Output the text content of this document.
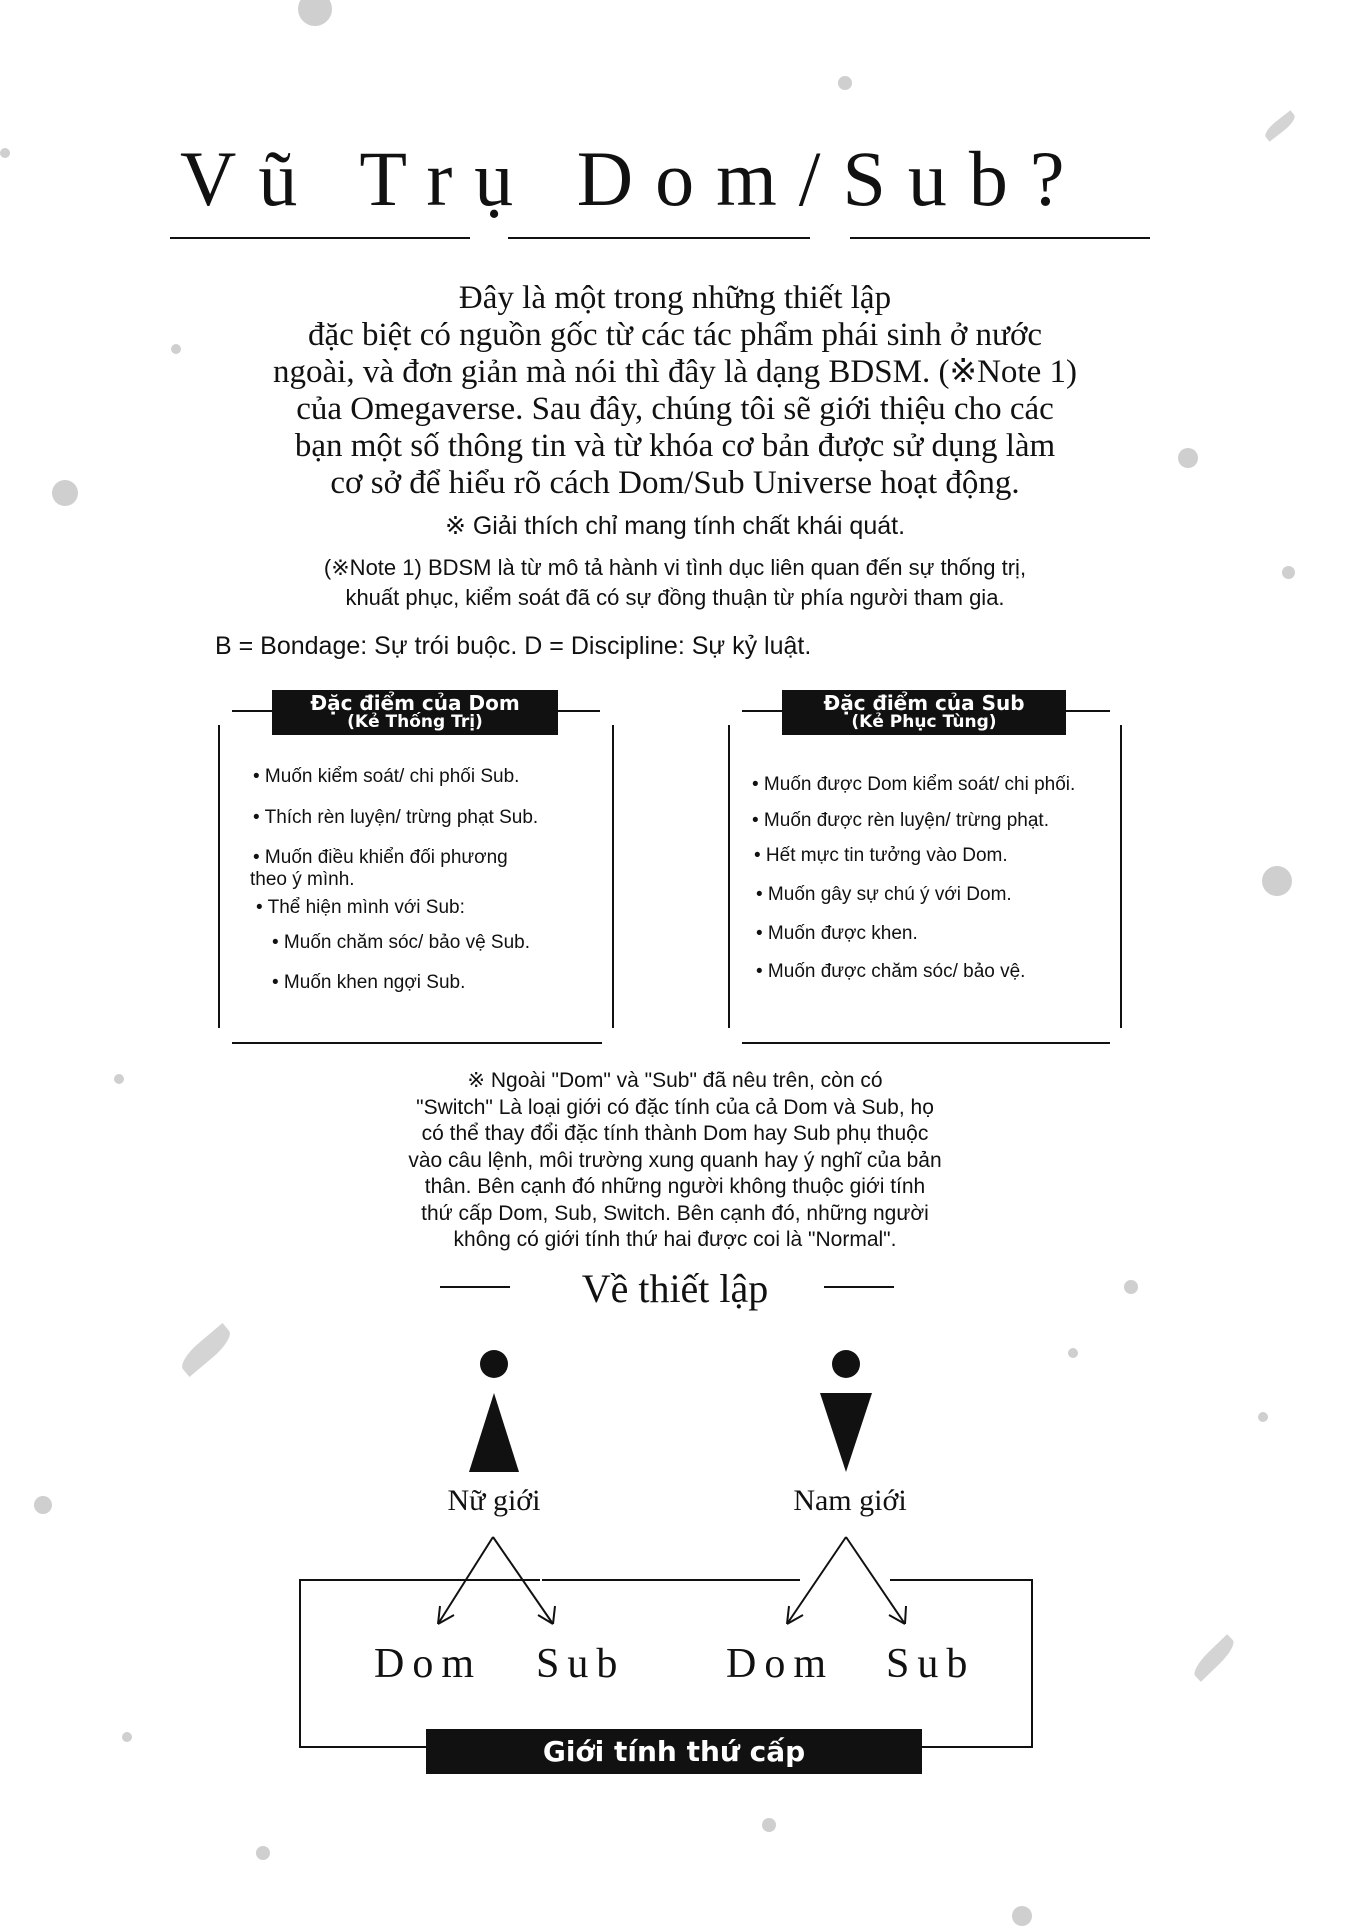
Vũ Trụ Dom/Sub?
Đây là một trong những thiết lập
đặc biệt có nguồn gốc từ các tác phẩm phái sinh ở nước
ngoài, và đơn giản mà nói thì đây là dạng BDSM. (※Note 1)
của Omegaverse. Sau đây, chúng tôi sẽ giới thiệu cho các
bạn một số thông tin và từ khóa cơ bản được sử dụng làm
cơ sở để hiểu rõ cách Dom/Sub Universe hoạt động.
※ Giải thích chỉ mang tính chất khái quát.
(※Note 1) BDSM là từ mô tả hành vi tình dục liên quan đến sự thống trị,
khuất phục, kiểm soát đã có sự đồng thuận từ phía người tham gia.
B = Bondage: Sự trói buộc. D = Discipline: Sự kỷ luật.
Đặc điểm của Dom
(Kẻ Thống Trị)
• Muốn kiểm soát/ chi phối Sub.
• Thích rèn luyện/ trừng phạt Sub.
• Muốn điều khiển đối phương
theo ý mình.
• Thể hiện mình với Sub:
• Muốn chăm sóc/ bảo vệ Sub.
• Muốn khen ngợi Sub.
Đặc điểm của Sub
(Kẻ Phục Tùng)
• Muốn được Dom kiểm soát/ chi phối.
• Muốn được rèn luyện/ trừng phạt.
• Hết mực tin tưởng vào Dom.
• Muốn gây sự chú ý với Dom.
• Muốn được khen.
• Muốn được chăm sóc/ bảo vệ.
※ Ngoài "Dom" và "Sub" đã nêu trên, còn có
"Switch" Là loại giới có đặc tính của cả Dom và Sub, họ
có thể thay đổi đặc tính thành Dom hay Sub phụ thuộc
vào câu lệnh, môi trường xung quanh hay ý nghĩ của bản
thân. Bên cạnh đó những người không thuộc giới tính
thứ cấp Dom, Sub, Switch. Bên cạnh đó, những người
không có giới tính thứ hai được coi là "Normal".
Về thiết lập
Nữ giới	Nam giới
Dom Sub Dom Sub
Giới tính thứ cấp
